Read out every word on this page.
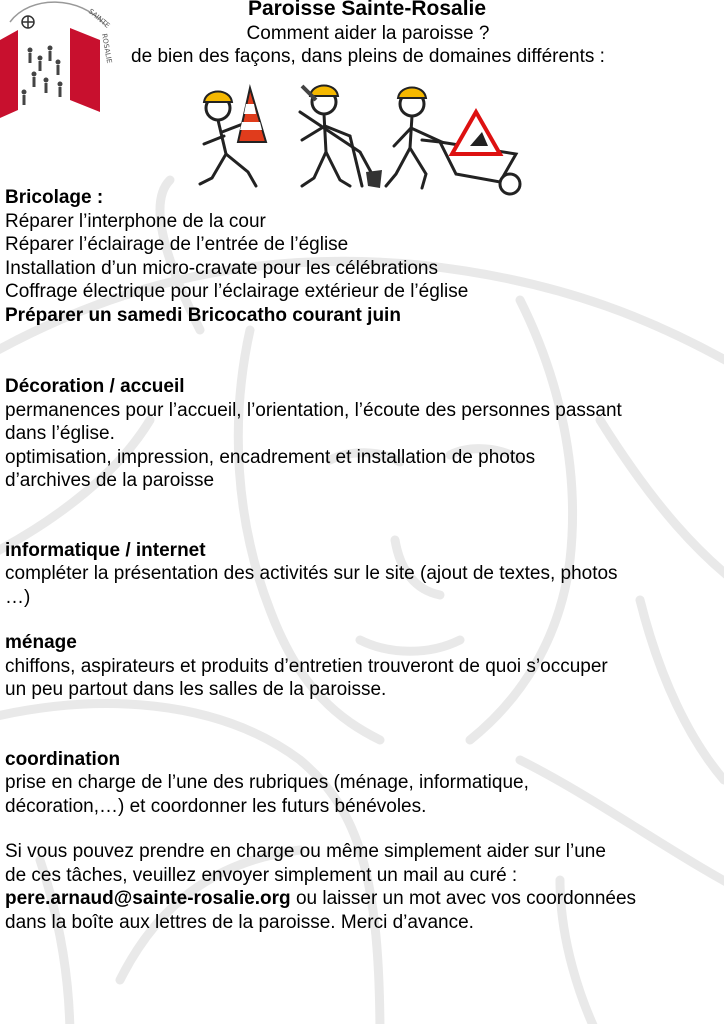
SAINTE
ROSALIE
Paroisse Sainte-Rosalie
Comment aider la paroisse ?
de bien des façons, dans pleins de domaines différents :

Bricolage :

Réparer l’interphone de la cour

Réparer l’éclairage de l’entrée de l’église

Installation d’un micro-cravate pour les célébrations

Coffrage électrique pour l’éclairage extérieur de l’église

Préparer un samedi Bricocatho courant juin

Décoration / accueil

permanences pour l’accueil, l’orientation, l’écoute des personnes passant

dans l’église.

optimisation, impression, encadrement et installation de photos

d’archives de la paroisse

informatique / internet

compléter la présentation des activités sur le site (ajout de textes, photos

…)

ménage

chiffons, aspirateurs et produits d’entretien trouveront de quoi s’occuper

un peu partout dans les salles de la paroisse.

coordination

prise en charge de l’une des rubriques (ménage, informatique,

décoration,…) et coordonner les futurs bénévoles.

Si vous pouvez prendre en charge ou même simplement aider sur l’une

de ces tâches, veuillez envoyer simplement un mail au curé :

pere.arnaud@sainte-rosalie.org ou laisser un mot avec vos coordonnées

dans la boîte aux lettres de la paroisse. Merci d’avance.
